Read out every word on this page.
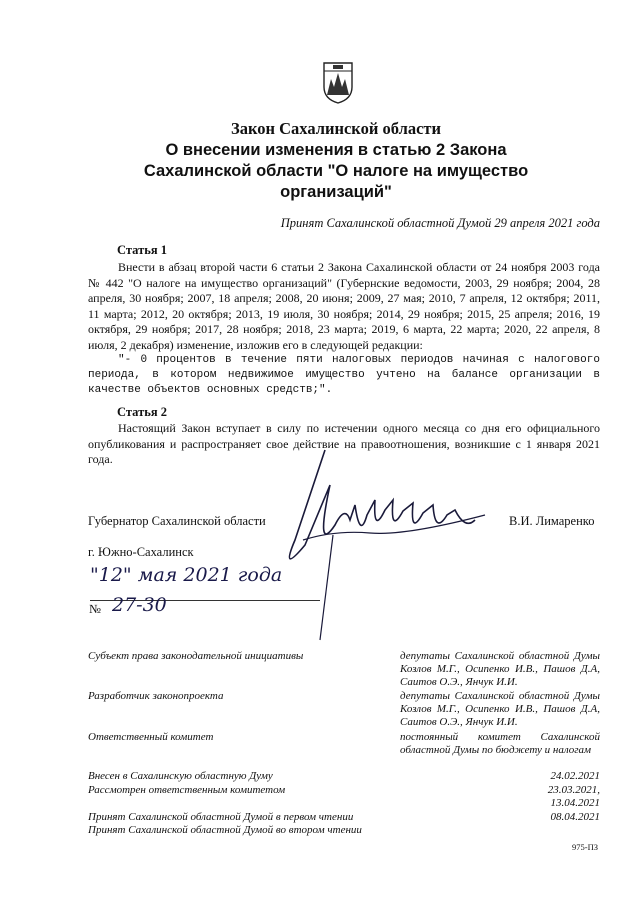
Закон Сахалинской области
О внесении изменения в статью 2 Закона
Сахалинской области "О налоге на имущество
организаций"
Принят Сахалинской областной Думой 29 апреля 2021 года
Статья 1

Внести в абзац второй части 6 статьи 2 Закона Сахалинской области от 24 ноября 2003 года № 442 "О налоге на имущество организаций" (Губернские ведомости, 2003, 29 ноября; 2004, 28 апреля, 30 ноября; 2007, 18 апреля; 2008, 20 июня; 2009, 27 мая; 2010, 7 апреля, 12 октября; 2011, 11 марта; 2012, 20 октября; 2013, 19 июля, 30 ноября; 2014, 29 ноября; 2015, 25 апреля; 2016, 19 октября, 29 ноября; 2017, 28 ноября; 2018, 23 марта; 2019, 6 марта, 22 марта; 2020, 22 апреля, 8 июля, 2 декабря) изменение, изложив его в следующей редакции:

"- 0 процентов в течение пяти налоговых периодов начиная с налогового периода, в котором недвижимое имущество учтено на балансе организации в качестве объектов основных средств;".

Статья 2

Настоящий Закон вступает в силу по истечении одного месяца со дня его официального опубликования и распространяет свое действие на правоотношения, возникшие с 1 января 2021 года.

Губернатор Сахалинской области	В.И. Лимаренко
г. Южно-Сахалинск
"12" мая 2021 года
№ 27-30
Субъект права законодательной инициативы	депутаты Сахалинской областной Думы Козлов М.Г., Осипенко И.В., Пашов Д.А, Саитов О.Э., Янчук И.И.
Разработчик законопроекта	депутаты Сахалинской областной Думы Козлов М.Г., Осипенко И.В., Пашов Д.А, Саитов О.Э., Янчук И.И.
Ответственный комитет	постоянный комитет Сахалинской областной Думы по бюджету и налогам
Внесен в Сахалинскую областную Думу	24.02.2021
Рассмотрен ответственным комитетом	23.03.2021,
13.04.2021
Принят Сахалинской областной Думой в первом чтении	08.04.2021
Принят Сахалинской областной Думой во втором чтении
975-ПЗ
